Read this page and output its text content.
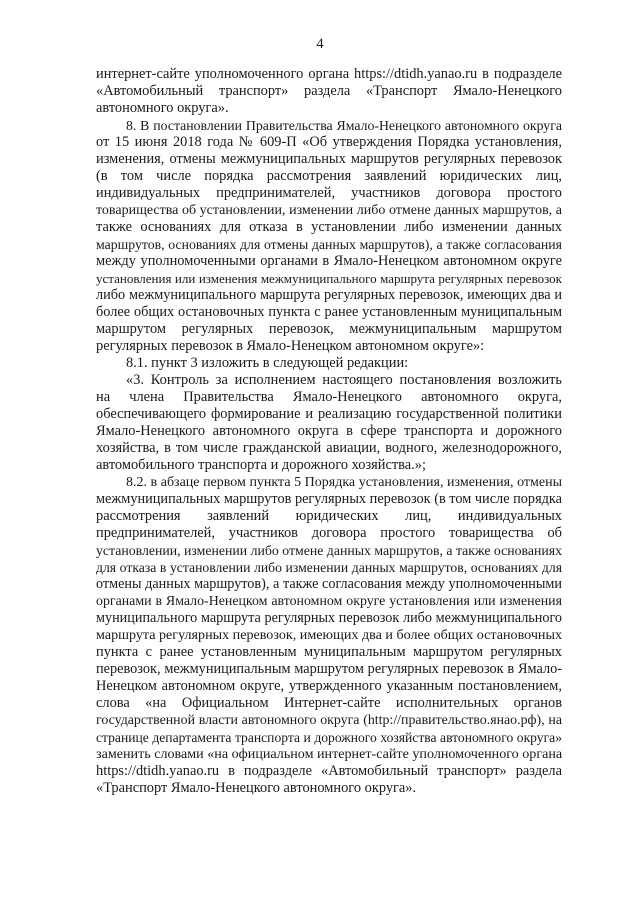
4
интернет-сайте уполномоченного органа https://dtidh.yanao.ru в подразделе
«Автомобильный транспорт» раздела «Транспорт Ямало-Ненецкого
автономного округа».
8. В постановлении Правительства Ямало-Ненецкого автономного округа
от 15 июня 2018 года № 609-П «Об утверждения Порядка установления,
изменения, отмены межмуниципальных маршрутов регулярных перевозок
(в том числе порядка рассмотрения заявлений юридических лиц,
индивидуальных предпринимателей, участников договора простого
товарищества об установлении, изменении либо отмене данных маршрутов, а
также основаниях для отказа в установлении либо изменении данных
маршрутов, основаниях для отмены данных маршрутов), а также согласования
между уполномоченными органами в Ямало-Ненецком автономном округе
установления или изменения межмуниципального маршрута регулярных перевозок
либо межмуниципального маршрута регулярных перевозок, имеющих два и
более общих остановочных пункта с ранее установленным муниципальным
маршрутом регулярных перевозок, межмуниципальным маршрутом
регулярных перевозок в Ямало-Ненецком автономном округе»:
8.1. пункт 3 изложить в следующей редакции:
«3. Контроль за исполнением настоящего постановления возложить
на члена Правительства Ямало-Ненецкого автономного округа,
обеспечивающего формирование и реализацию государственной политики
Ямало-Ненецкого автономного округа в сфере транспорта и дорожного
хозяйства, в том числе гражданской авиации, водного, железнодорожного,
автомобильного транспорта и дорожного хозяйства.»;
8.2. в абзаце первом пункта 5 Порядка установления, изменения, отмены
межмуниципальных маршрутов регулярных перевозок (в том числе порядка
рассмотрения заявлений юридических лиц, индивидуальных
предпринимателей, участников договора простого товарищества об
установлении, изменении либо отмене данных маршрутов, а также основаниях
для отказа в установлении либо изменении данных маршрутов, основаниях для
отмены данных маршрутов), а также согласования между уполномоченными
органами в Ямало-Ненецком автономном округе установления или изменения
муниципального маршрута регулярных перевозок либо межмуниципального
маршрута регулярных перевозок, имеющих два и более общих остановочных
пункта с ранее установленным муниципальным маршрутом регулярных
перевозок, межмуниципальным маршрутом регулярных перевозок в Ямало-
Ненецком автономном округе, утвержденного указанным постановлением,
слова «на Официальном Интернет-сайте исполнительных органов
государственной власти автономного округа (http://правительство.янао.рф), на
странице департамента транспорта и дорожного хозяйства автономного округа»
заменить словами «на официальном интернет-сайте уполномоченного органа
https://dtidh.yanao.ru в подразделе «Автомобильный транспорт» раздела
«Транспорт Ямало-Ненецкого автономного округа».
